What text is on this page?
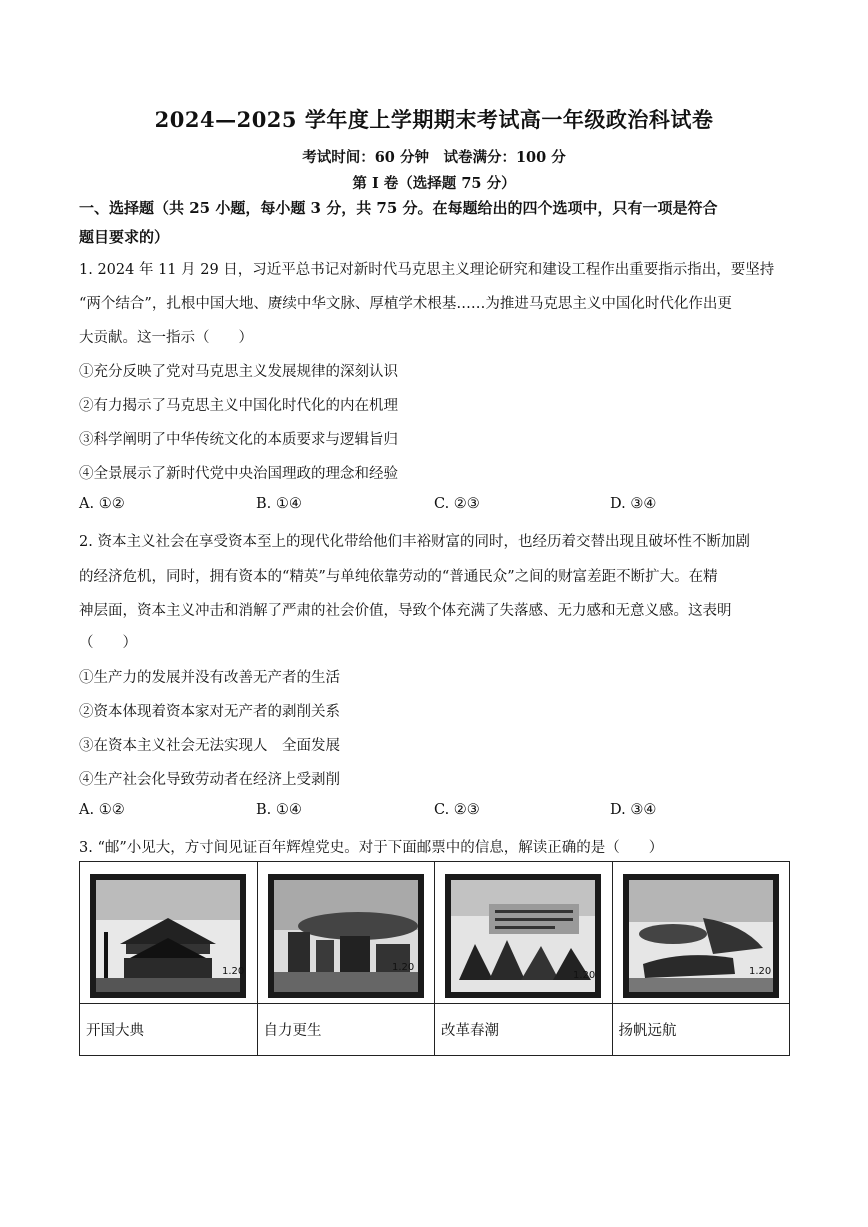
2024—2025 学年度上学期期末考试高一年级政治科试卷
考试时间：60 分钟　试卷满分：100 分
第 I 卷（选择题 75 分）
一、选择题（共 25 小题，每小题 3 分，共 75 分。在每题给出的四个选项中，只有一项是符合
题目要求的）
1. 2024 年 11 月 29 日，习近平总书记对新时代马克思主义理论研究和建设工程作出重要指示指出，要坚持
“两个结合”，扎根中国大地、赓续中华文脉、厚植学术根基……为推进马克思主义中国化时代化作出更
大贡献。这一指示（　　）
①充分反映了党对马克思主义发展规律的深刻认识
②有力揭示了马克思主义中国化时代化的内在机理
③科学阐明了中华传统文化的本质要求与逻辑旨归
④全景展示了新时代党中央治国理政的理念和经验
A. ①②	B. ①④	C. ②③	D. ③④
2. 资本主义社会在享受资本至上的现代化带给他们丰裕财富的同时，也经历着交替出现且破坏性不断加剧
的经济危机，同时，拥有资本的“精英”与单纯依靠劳动的“普通民众”之间的财富差距不断扩大。在精
神层面，资本主义冲击和消解了严肃的社会价值，导致个体充满了失落感、无力感和无意义感。这表明
（　　）
①生产力的发展并没有改善无产者的生活
②资本体现着资本家对无产者的剥削关系
③在资本主义社会无法实现人　全面发展
④生产社会化导致劳动者在经济上受剥削
A. ①②	B. ①④	C. ②③	D. ③④
3. “邮”小见大，方寸间见证百年辉煌党史。对于下面邮票中的信息，解读正确的是（　　）
1.20	1.20	1.20	1.20

开国大典	自力更生	改革春潮	扬帆远航
